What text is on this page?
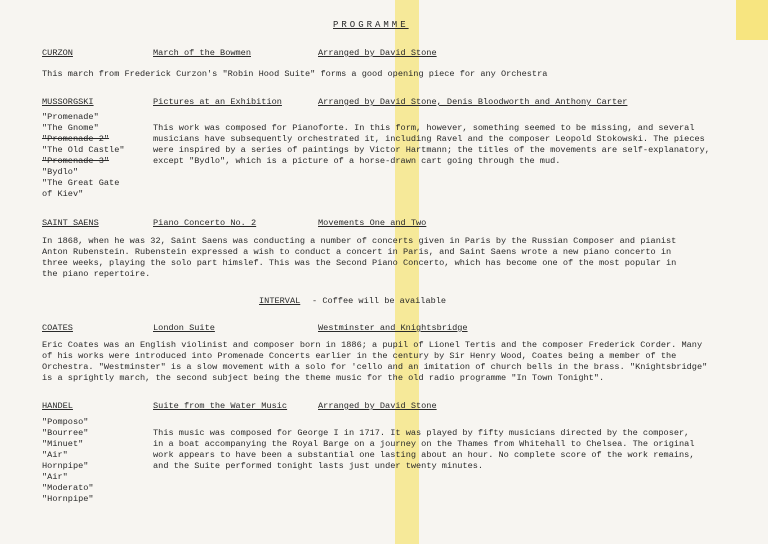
PROGRAMME
CURZON	March of the Bowmen	Arranged by David Stone
This march from Frederick Curzon's "Robin Hood Suite" forms a good opening piece for any Orchestra
MUSSORGSKI	Pictures at an Exhibition	Arranged by David Stone, Denis Bloodworth and Anthony Carter
"Promenade"
"The Gnome"
"Promenade 2"
"The Old Castle"
"Promenade 3"
"Bydlo"
"The Great Gate
of Kiev"
This work was composed for Pianoforte. In this form, however, something seemed to be missing, and several
musicians have subsequently orchestrated it, including Ravel and the composer Leopold Stokowski. The pieces
were inspired by a series of paintings by Victor Hartmann; the titles of the movements are self-explanatory,
except "Bydlo", which is a picture of a horse-drawn cart going through the mud.
SAINT SAENS	Piano Concerto No. 2	Movements One and Two
In 1868, when he was 32, Saint Saens was conducting a number of concerts given in Paris by the Russian Composer and pianist
Anton Rubenstein. Rubenstein expressed a wish to conduct a concert in Paris, and Saint Saens wrote a new piano concerto in
three weeks, playing the solo part himslef. This was the Second Piano Concerto, which has become one of the most popular in
the piano repertoire.
INTERVAL - Coffee will be available
COATES	London Suite	Westminster and Knightsbridge
Eric Coates was an English violinist and composer born in 1886; a pupil of Lionel Tertis and the composer Frederick Corder. Many
of his works were introduced into Promenade Concerts earlier in the century by Sir Henry Wood, Coates being a member of the
Orchestra. "Westminster" is a slow movement with a solo for 'cello and an imitation of church bells in the brass. "Knightsbridge"
is a sprightly march, the second subject being the theme music for the old radio programme "In Town Tonight".
HANDEL	Suite from the Water Music	Arranged by David Stone
"Pomposo"
"Bourree"
"Minuet"
"Air"
Hornpipe"
"Air"
"Moderato"
"Hornpipe"
This music was composed for George I in 1717. It was played by fifty musicians directed by the composer,
in a boat accompanying the Royal Barge on a journey on the Thames from Whitehall to Chelsea. The original
work appears to have been a substantial one lasting about an hour. No complete score of the work remains,
and the Suite performed tonight lasts just under twenty minutes.
